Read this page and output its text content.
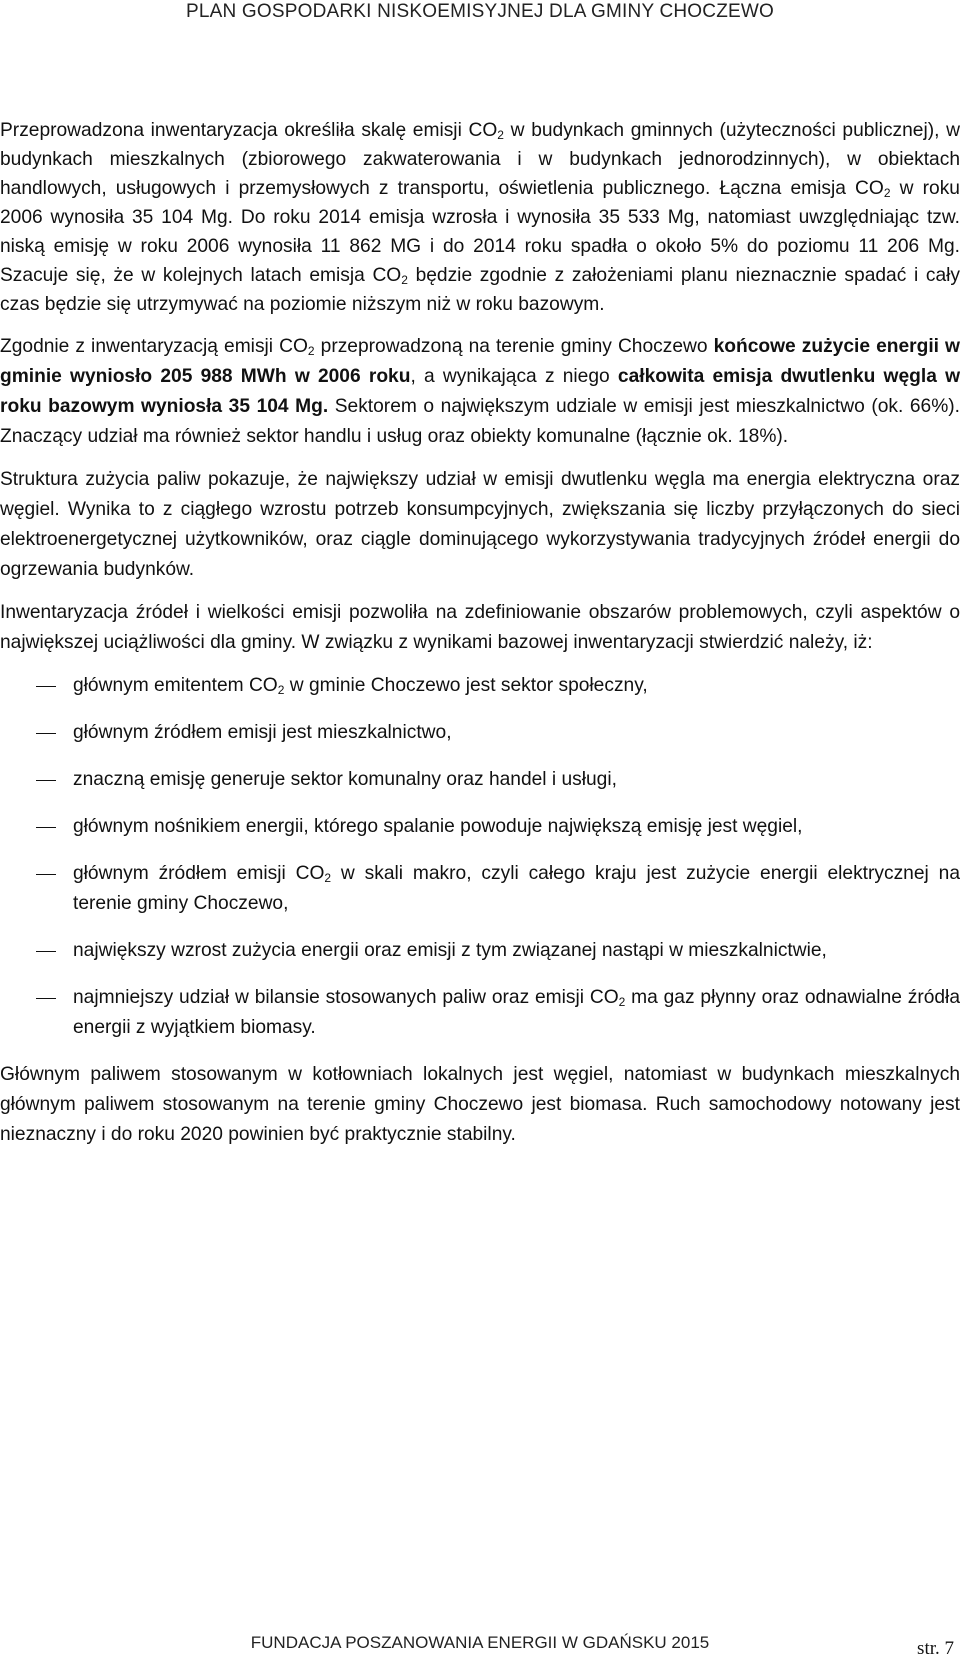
PLAN GOSPODARKI NISKOEMISYJNEJ DLA GMINY CHOCZEWO

Przeprowadzona inwentaryzacja określiła skalę emisji $CO_2$ w budynkach gminnych (użyteczności publicznej), w budynkach mieszkalnych (zbiorowego zakwaterowania i w budynkach jednorodzinnych), w obiektach handlowych, usługowych i przemysłowych z transportu, oświetlenia publicznego. Łączna emisja $CO_2$ w roku 2006 wynosiła 35 104 Mg. Do roku 2014 emisja wzrosła i wynosiła 35 533 Mg, natomiast uwzględniając tzw. niską emisję w roku 2006 wynosiła 11 862 MG i do 2014 roku spadła o około 5% do poziomu 11 206 Mg. Szacuje się, że w kolejnych latach emisja $CO_2$ będzie zgodnie z założeniami planu nieznacznie spadać i cały czas będzie się utrzymywać na poziomie niższym niż w roku bazowym.

Zgodnie z inwentaryzacją emisji $CO_2$ przeprowadzoną na terenie gminy Choczewo końcowe zużycie energii w gminie wyniosło 205 988 MWh w 2006 roku, a wynikająca z niego całkowita emisja dwutlenku węgla w roku bazowym wyniosła 35 104 Mg. Sektorem o największym udziale w emisji jest mieszkalnictwo (ok. 66%). Znaczący udział ma również sektor handlu i usług oraz obiekty komunalne (łącznie ok. 18%).

Struktura zużycia paliw pokazuje, że największy udział w emisji dwutlenku węgla ma energia elektryczna oraz węgiel. Wynika to z ciągłego wzrostu potrzeb konsumpcyjnych, zwiększania się liczby przyłączonych do sieci elektroenergetycznej użytkowników, oraz ciągle dominującego wykorzystywania tradycyjnych źródeł energii do ogrzewania budynków.

Inwentaryzacja źródeł i wielkości emisji pozwoliła na zdefiniowanie obszarów problemowych, czyli aspektów o największej uciążliwości dla gminy. W związku z wynikami bazowej inwentaryzacji stwierdzić należy, iż:

głównym emitentem $CO_2$ w gminie Choczewo jest sektor społeczny,
głównym źródłem emisji jest mieszkalnictwo,
znaczną emisję generuje sektor komunalny oraz handel i usługi,
głównym nośnikiem energii, którego spalanie powoduje największą emisję jest węgiel,
głównym źródłem emisji $CO_2$ w skali makro, czyli całego kraju jest zużycie energii elektrycznej na terenie gminy Choczewo,
największy wzrost zużycia energii oraz emisji z tym związanej nastąpi w mieszkalnictwie,
najmniejszy udział w bilansie stosowanych paliw oraz emisji $CO_2$ ma gaz płynny oraz odnawialne źródła energii z wyjątkiem biomasy.

Głównym paliwem stosowanym w kotłowniach lokalnych jest węgiel, natomiast w budynkach mieszkalnych głównym paliwem stosowanym na terenie gminy Choczewo jest biomasa. Ruch samochodowy notowany jest nieznaczny i do roku 2020 powinien być praktycznie stabilny.

FUNDACJA POSZANOWANIA ENERGII W GDAŃSKU 2015	str. 7
